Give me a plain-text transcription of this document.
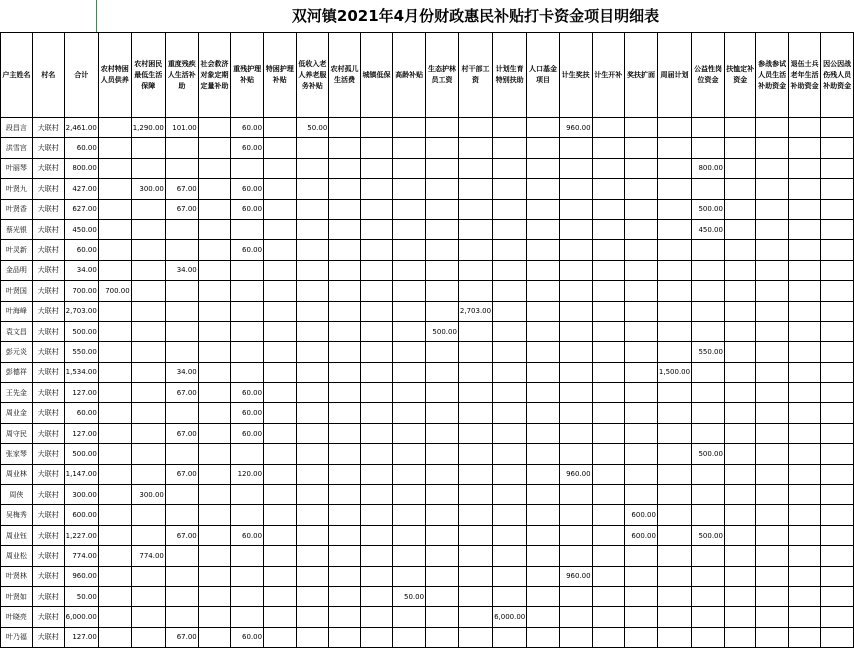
双河镇2021年4月份财政惠民补贴打卡资金项目明细表
户主姓名	村名	合计	农村特困人员供养	农村困民最低生活保障	重度残疾人生活补助	社会救济对象定期定量补助	重残护理补贴	特困护理补贴	低收入老人养老服务补贴	农村孤儿生活费	城镇低保	高龄补贴	生态护林员工资	村干部工资	计划生育特别扶助	人口基金项目	计生奖扶	计生开补	奖扶扩面	周届计划	公益性岗位资金	扶恤定补资金	参战参试人员生活补助资金	退伍士兵老年生活补助资金	因公因战伤残人员补助资金
段昌言	大联村	2,461.00		1,290.00	101.00		60.00		50.00								960.00								
洪雪宫	大联村	60.00					60.00																		
叶丽琴	大联村	800.00																			800.00				
叶贤九	大联村	427.00		300.00	67.00		60.00																		
叶贤香	大联村	627.00			67.00		60.00														500.00				
蔡光银	大联村	450.00																			450.00				
叶灵新	大联村	60.00					60.00																		
金品明	大联村	34.00			34.00																				
叶贤国	大联村	700.00	700.00																						
叶海峰	大联村	2,703.00												2,703.00											
袁文昌	大联村	500.00											500.00												
彭元炎	大联村	550.00																			550.00				
彭德祥	大联村	1,534.00			34.00															1,500.00					
王先金	大联村	127.00			67.00		60.00																		
周业金	大联村	60.00					60.00																		
周守民	大联村	127.00			67.00		60.00																		
张家琴	大联村	500.00																			500.00				
周业林	大联村	1,147.00			67.00		120.00										960.00								
周侠	大联村	300.00		300.00																					
吴梅秀	大联村	600.00																	600.00						
周业钰	大联村	1,227.00			67.00		60.00												600.00		500.00				
周业松	大联村	774.00		774.00																					
叶贤林	大联村	960.00															960.00								
叶贤如	大联村	50.00										50.00													
叶晓亮	大联村	6,000.00													6,000.00										
叶乃福	大联村	127.00			67.00		60.00																		
